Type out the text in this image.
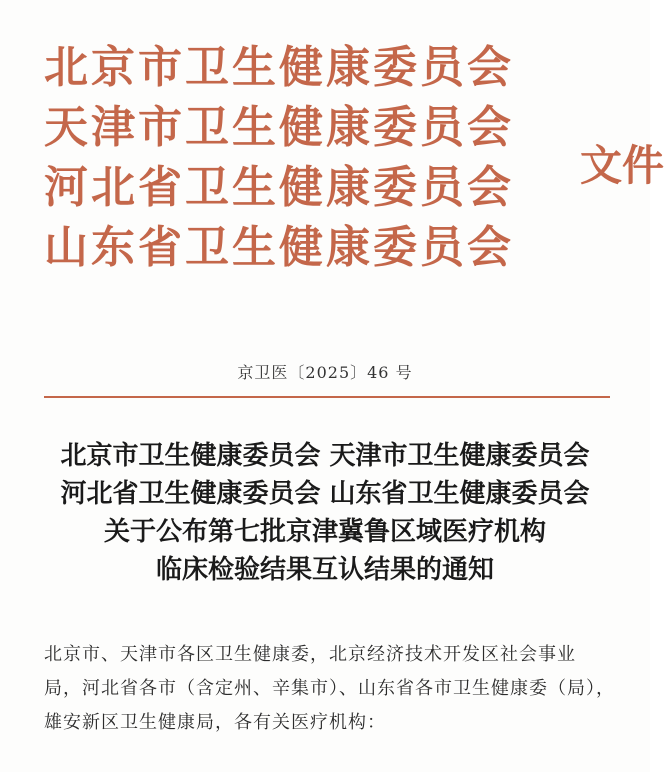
北京市卫生健康委员会
天津市卫生健康委员会
河北省卫生健康委员会
山东省卫生健康委员会
文件
京卫医〔2025〕46 号
北京市卫生健康委员会 天津市卫生健康委员会
河北省卫生健康委员会 山东省卫生健康委员会
关于公布第七批京津冀鲁区域医疗机构
临床检验结果互认结果的通知
北京市、天津市各区卫生健康委，北京经济技术开发区社会事业
局，河北省各市（含定州、辛集市）、山东省各市卫生健康委（局），
雄安新区卫生健康局，各有关医疗机构：
